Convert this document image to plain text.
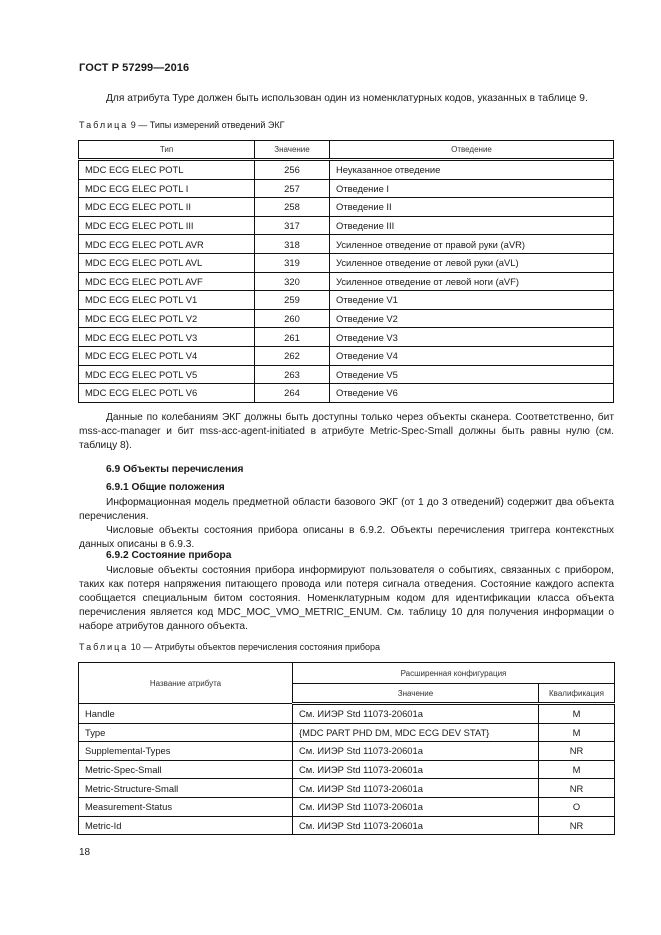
ГОСТ Р 57299—2016
Для атрибута Type должен быть использован один из номенклатурных кодов, указанных в таблице 9.
Таблица 9 — Типы измерений отведений ЭКГ
Тип	Значение	Отведение
MDC ECG ELEC POTL	256	Неуказанное отведение
MDC ECG ELEC POTL I	257	Отведение I
MDC ECG ELEC POTL II	258	Отведение II
MDC ECG ELEC POTL III	317	Отведение III
MDC ECG ELEC POTL AVR	318	Усиленное отведение от правой руки (aVR)
MDC ECG ELEC POTL AVL	319	Усиленное отведение от левой руки (aVL)
MDC ECG ELEC POTL AVF	320	Усиленное отведение от левой ноги (aVF)
MDC ECG ELEC POTL V1	259	Отведение V1
MDC ECG ELEC POTL V2	260	Отведение V2
MDC ECG ELEC POTL V3	261	Отведение V3
MDC ECG ELEC POTL V4	262	Отведение V4
MDC ECG ELEC POTL V5	263	Отведение V5
MDC ECG ELEC POTL V6	264	Отведение V6
Данные по колебаниям ЭКГ должны быть доступны только через объекты сканера. Соответственно, бит mss-acc-manager и бит mss-acc-agent-initiated в атрибуте Metric-Spec-Small должны быть равны нулю (см. таблицу 8).
6.9 Объекты перечисления
6.9.1 Общие положения
Информационная модель предметной области базового ЭКГ (от 1 до 3 отведений) содержит два объекта перечисления.
Числовые объекты состояния прибора описаны в 6.9.2. Объекты перечисления триггера контекстных данных описаны в 6.9.3.
6.9.2 Состояние прибора
Числовые объекты состояния прибора информируют пользователя о событиях, связанных с прибором, таких как потеря напряжения питающего провода или потеря сигнала отведения. Состояние каждого аспекта сообщается специальным битом состояния. Номенклатурным кодом для идентификации класса объекта перечисления является код MDC_MOC_VMO_METRIC_ENUM. См. таблицу 10 для получения информации о наборе атрибутов данного объекта.
Таблица 10 — Атрибуты объектов перечисления состояния прибора
Название атрибута	Расширенная конфигурация	
	Значение	Квалификация
Handle	См. ИИЭР Std 11073-20601a	M
Type	{MDC PART PHD DM, MDC ECG DEV STAT}	M
Supplemental-Types	См. ИИЭР Std 11073-20601a	NR
Metric-Spec-Small	См. ИИЭР Std 11073-20601a	M
Metric-Structure-Small	См. ИИЭР Std 11073-20601a	NR
Measurement-Status	См. ИИЭР Std 11073-20601a	O
Metric-Id	См. ИИЭР Std 11073-20601a	NR
18
